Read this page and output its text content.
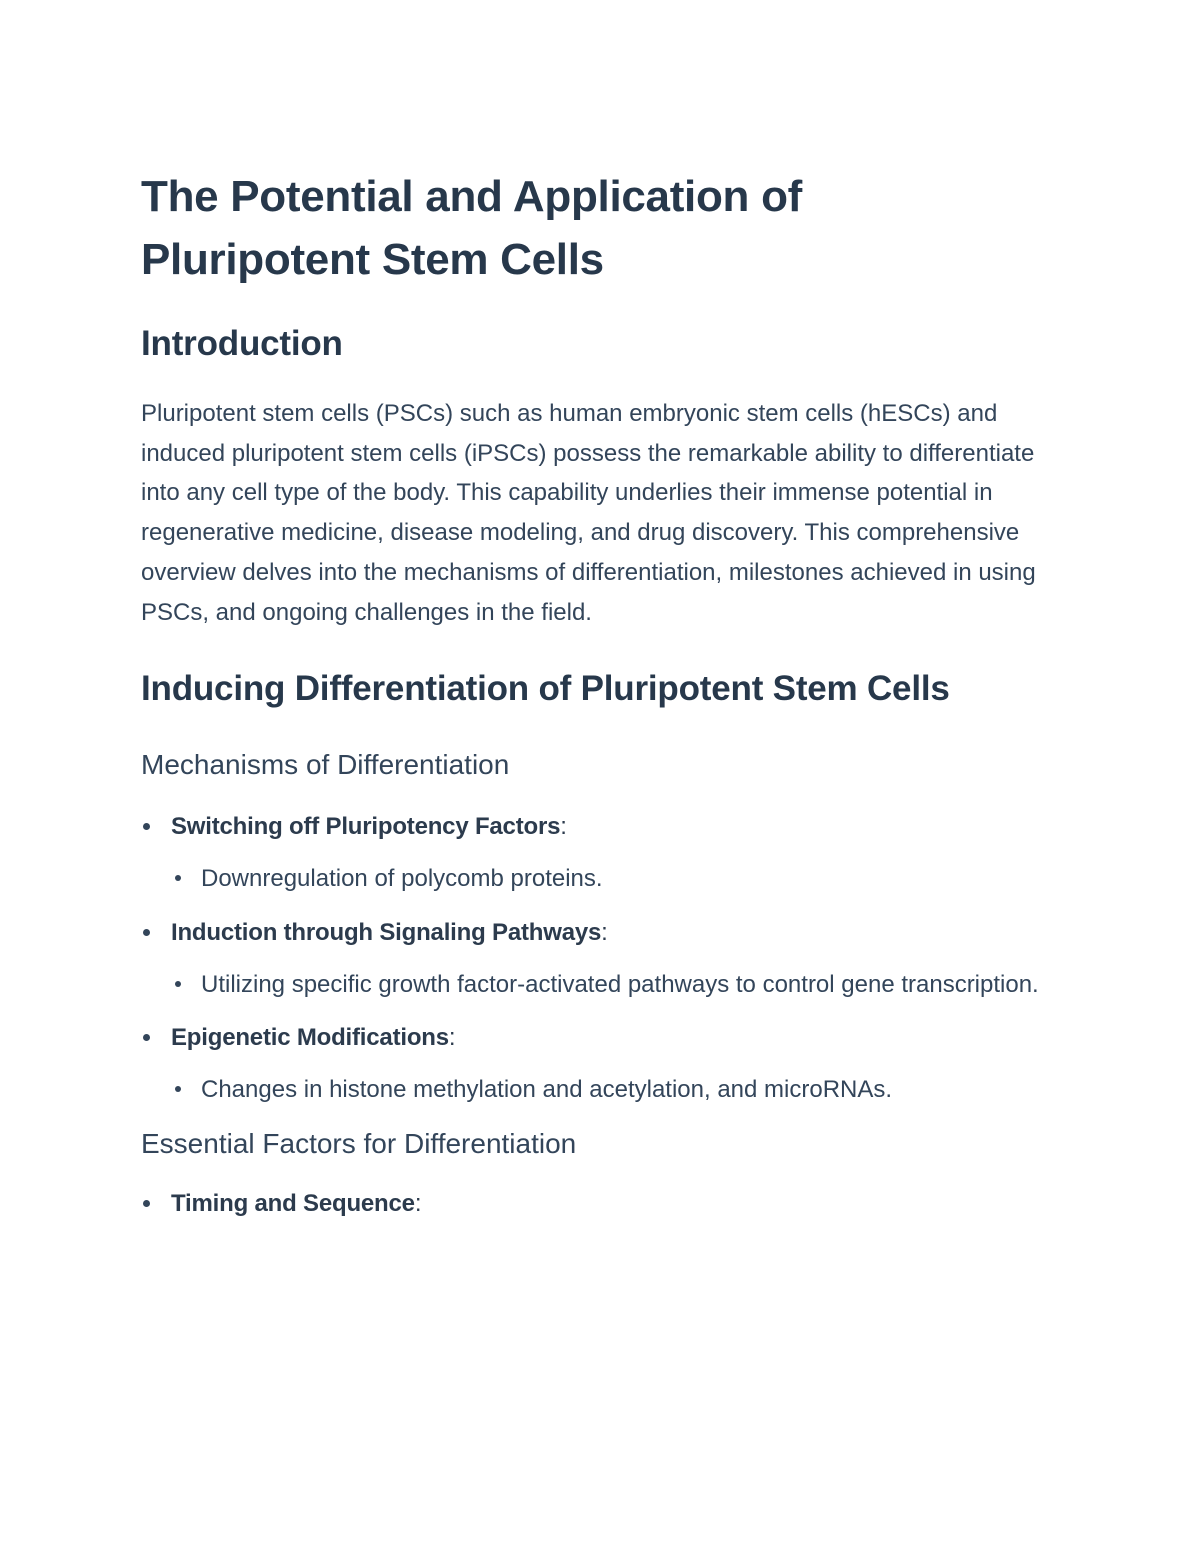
The Potential and Application of Pluripotent Stem Cells
Introduction

Pluripotent stem cells (PSCs) such as human embryonic stem cells (hESCs) and induced pluripotent stem cells (iPSCs) possess the remarkable ability to differentiate into any cell type of the body. This capability underlies their immense potential in regenerative medicine, disease modeling, and drug discovery. This comprehensive overview delves into the mechanisms of differentiation, milestones achieved in using PSCs, and ongoing challenges in the field.

Inducing Differentiation of Pluripotent Stem Cells
Mechanisms of Differentiation
Switching off Pluripotency Factors:
Downregulation of polycomb proteins.
Induction through Signaling Pathways:
Utilizing specific growth factor-activated pathways to control gene transcription.
Epigenetic Modifications:
Changes in histone methylation and acetylation, and microRNAs.
Essential Factors for Differentiation
Timing and Sequence:
